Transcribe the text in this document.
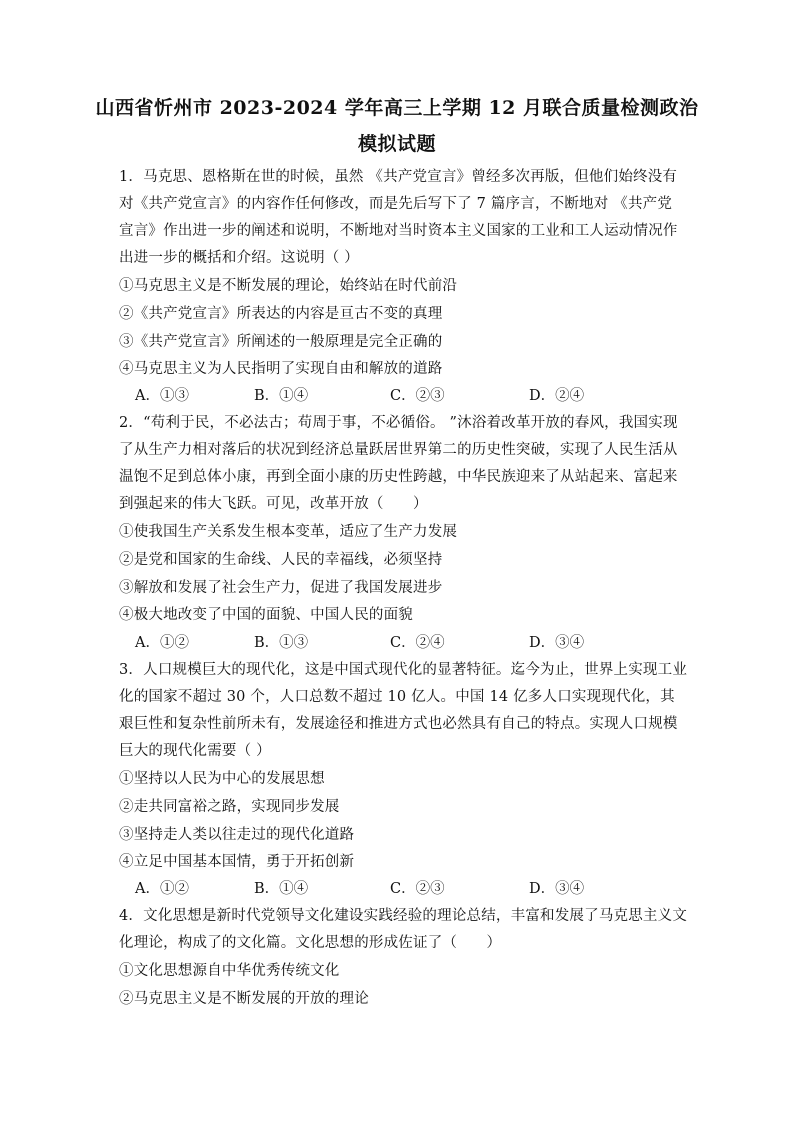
山西省忻州市 2023-2024 学年高三上学期 12 月联合质量检测政治
模拟试题
1．马克思、恩格斯在世的时候，虽然 《共产党宣言》曾经多次再版，但他们始终没有
对《共产党宣言》的内容作任何修改，而是先后写下了 7 篇序言，不断地对 《共产党
宣言》作出进一步的阐述和说明，不断地对当时资本主义国家的工业和工人运动情况作
出进一步的概括和介绍。这说明（ ）
①马克思主义是不断发展的理论，始终站在时代前沿
②《共产党宣言》所表达的内容是亘古不变的真理
③《共产党宣言》所阐述的一般原理是完全正确的
④马克思主义为人民指明了实现自由和解放的道路
A．①③	B．①④	C．②③	D．②④
2．“苟利于民，不必法古；苟周于事，不必循俗。 ”沐浴着改革开放的春风，我国实现
了从生产力相对落后的状况到经济总量跃居世界第二的历史性突破，实现了人民生活从
温饱不足到总体小康，再到全面小康的历史性跨越，中华民族迎来了从站起来、富起来
到强起来的伟大飞跃。可见，改革开放（　　）
①使我国生产关系发生根本变革，适应了生产力发展
②是党和国家的生命线、人民的幸福线，必须坚持
③解放和发展了社会生产力，促进了我国发展进步
④极大地改变了中国的面貌、中国人民的面貌
A．①②	B．①③	C．②④	D．③④
3．人口规模巨大的现代化，这是中国式现代化的显著特征。迄今为止，世界上实现工业
化的国家不超过 30 个，人口总数不超过 10 亿人。中国 14 亿多人口实现现代化，其
艰巨性和复杂性前所未有，发展途径和推进方式也必然具有自己的特点。实现人口规模
巨大的现代化需要（ ）
①坚持以人民为中心的发展思想
②走共同富裕之路，实现同步发展
③坚持走人类以往走过的现代化道路
④立足中国基本国情，勇于开拓创新
A．①②	B．①④	C．②③	D．③④
4．文化思想是新时代党领导文化建设实践经验的理论总结，丰富和发展了马克思主义文
化理论，构成了的文化篇。文化思想的形成佐证了（　　）
①文化思想源自中华优秀传统文化
②马克思主义是不断发展的开放的理论
